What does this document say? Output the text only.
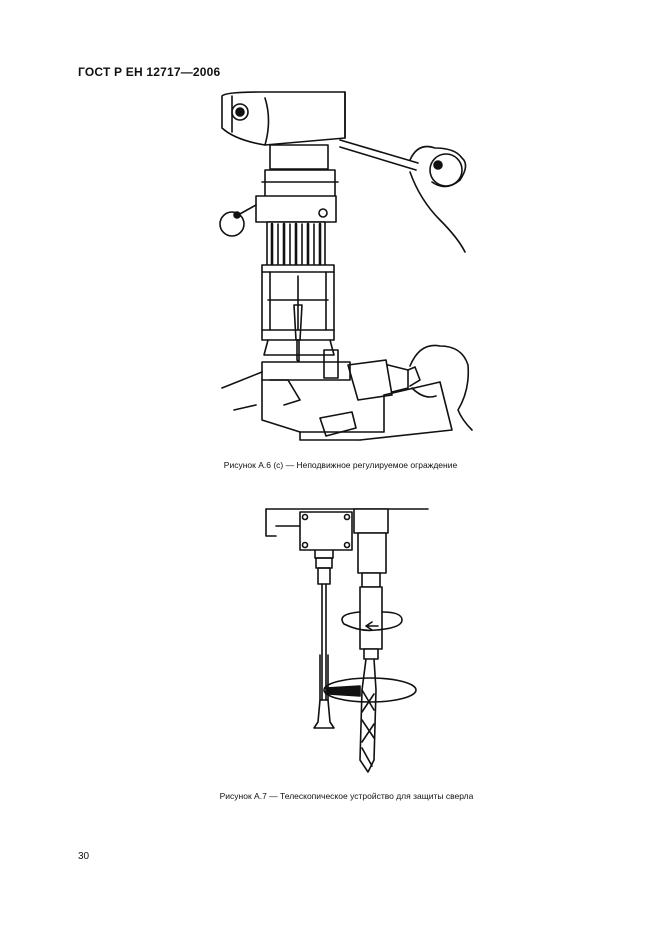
ГОСТ Р ЕН 12717—2006
Рисунок А.6 (с) — Неподвижное регулируемое ограждение
Рисунок А.7 — Телескопическое устройство для защиты сверла
30
